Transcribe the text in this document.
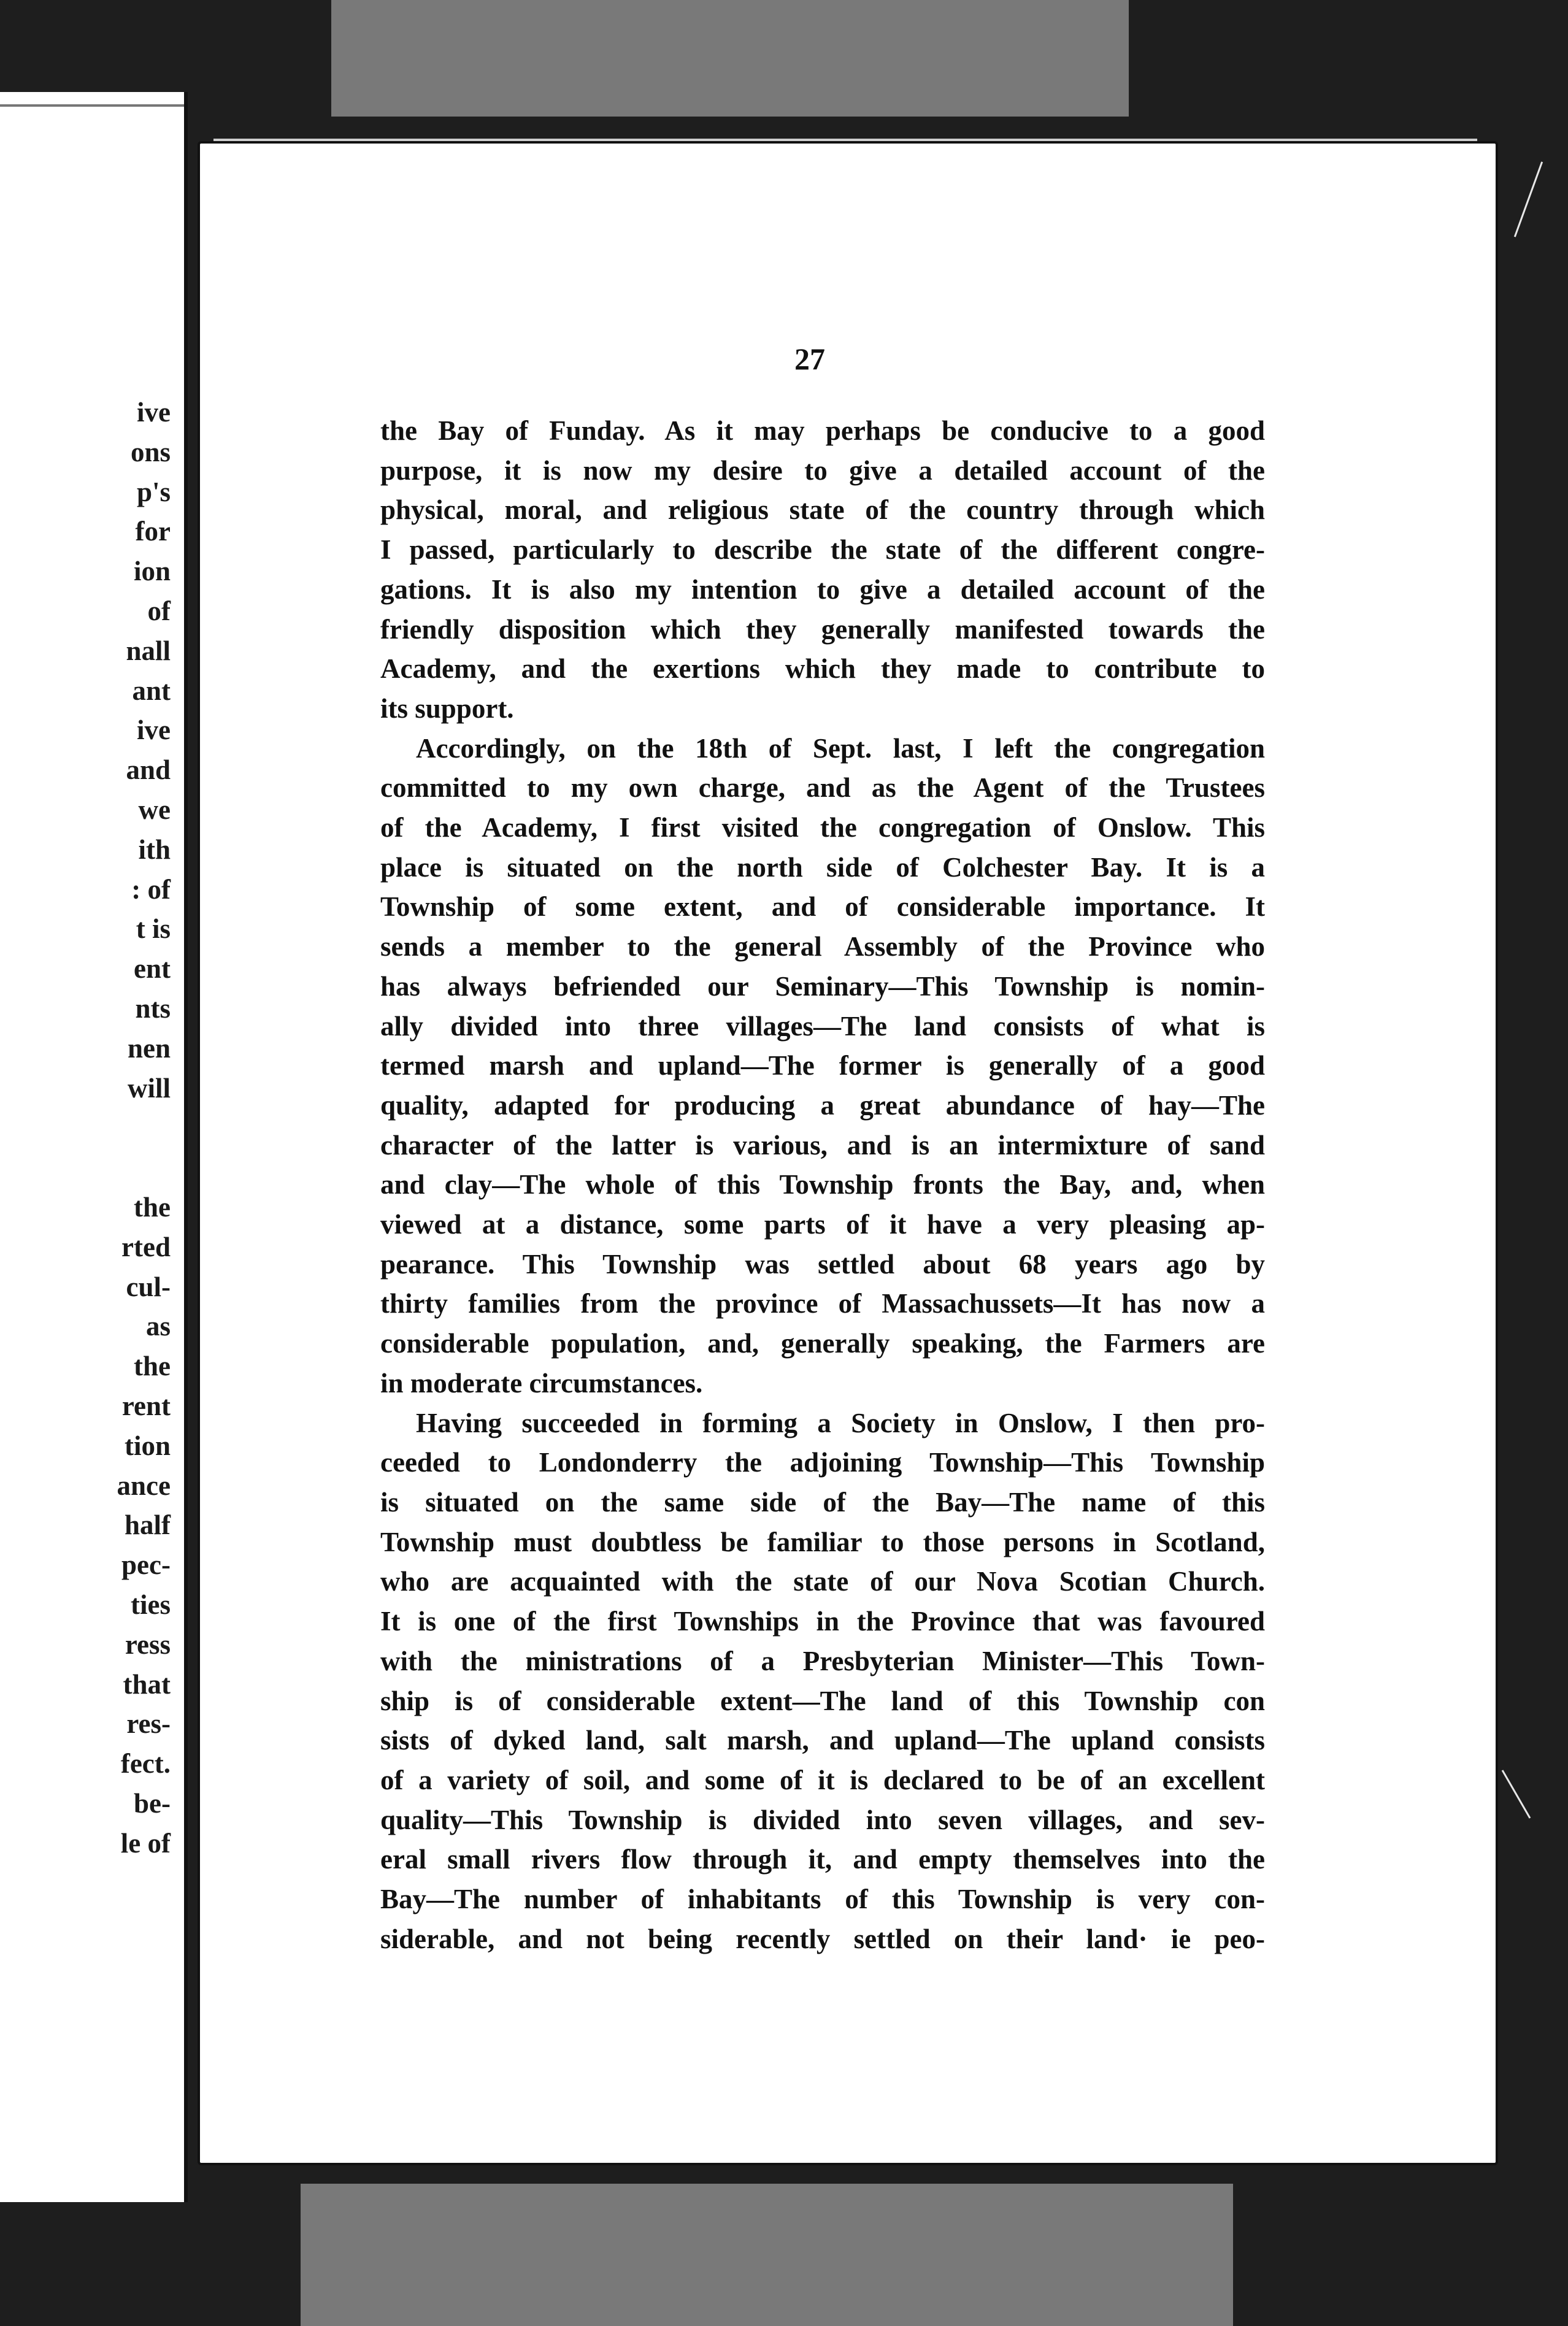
ive
ons
p's
for
ion
of
nall
ant
ive
and
we
ith
: of
t is
ent
nts
nen
will

the
rted
cul-
as
the
rent
tion
ance
half
pec-
ties
ress
that
res-
fect.
be-
le of
27

the Bay of Funday. As it may perhaps be conducive to a good
purpose, it is now my desire to give a detailed account of the
physical, moral, and religious state of the country through which
I passed, particularly to describe the state of the different congre-
gations. It is also my intention to give a detailed account of the
friendly disposition which they generally manifested towards the
Academy, and the exertions which they made to contribute to
its support.

Accordingly, on the 18th of Sept. last, I left the congregation
committed to my own charge, and as the Agent of the Trustees
of the Academy, I first visited the congregation of Onslow. This
place is situated on the north side of Colchester Bay. It is a
Township of some extent, and of considerable importance. It
sends a member to the general Assembly of the Province who
has always befriended our Seminary—This Township is nomin-
ally divided into three villages—The land consists of what is
termed marsh and upland—The former is generally of a good
quality, adapted for producing a great abundance of hay—The
character of the latter is various, and is an intermixture of sand
and clay—The whole of this Township fronts the Bay, and, when
viewed at a distance, some parts of it have a very pleasing ap-
pearance. This Township was settled about 68 years ago by
thirty families from the province of Massachussets—It has now a
considerable population, and, generally speaking, the Farmers are
in moderate circumstances.

Having succeeded in forming a Society in Onslow, I then pro-
ceeded to Londonderry the adjoining Township—This Township
is situated on the same side of the Bay—The name of this
Township must doubtless be familiar to those persons in Scotland,
who are acquainted with the state of our Nova Scotian Church.
It is one of the first Townships in the Province that was favoured
with the ministrations of a Presbyterian Minister—This Town-
ship is of considerable extent—The land of this Township con
sists of dyked land, salt marsh, and upland—The upland consists
of a variety of soil, and some of it is declared to be of an excellent
quality—This Township is divided into seven villages, and sev-
eral small rivers flow through it, and empty themselves into the
Bay—The number of inhabitants of this Township is very con-
siderable, and not being recently settled on their land· ie peo-
